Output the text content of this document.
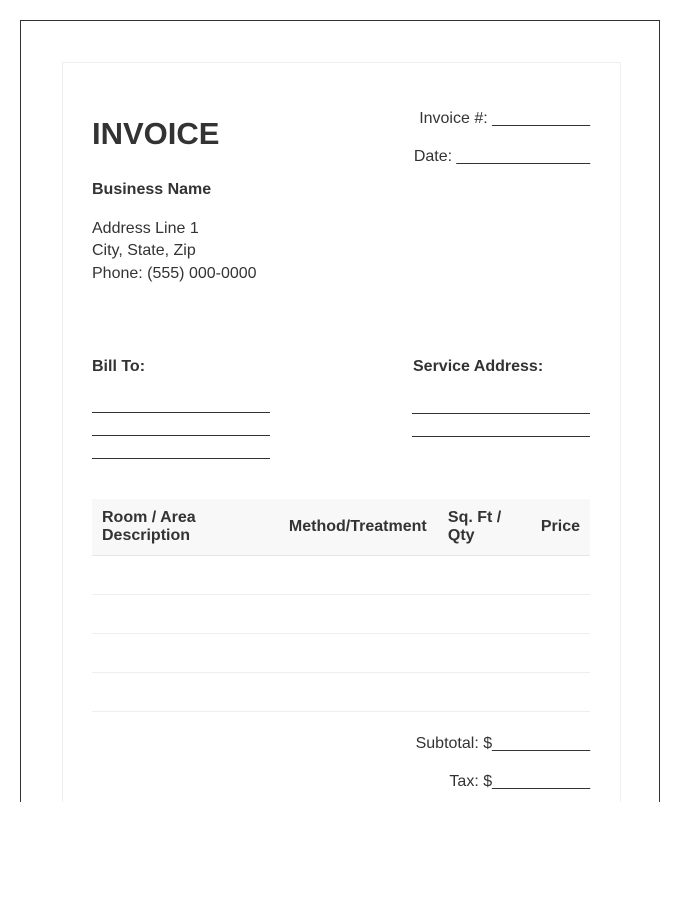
INVOICE	Invoice #: ___________
Date: _______________
Business Name
Address Line 1
City, State, Zip
Phone: (555) 000-0000
Bill To:	Service Address:
Room / Area Description	Method/Treatment	Sq. Ft / Qty	Price

Subtotal: $___________
Tax: $___________
